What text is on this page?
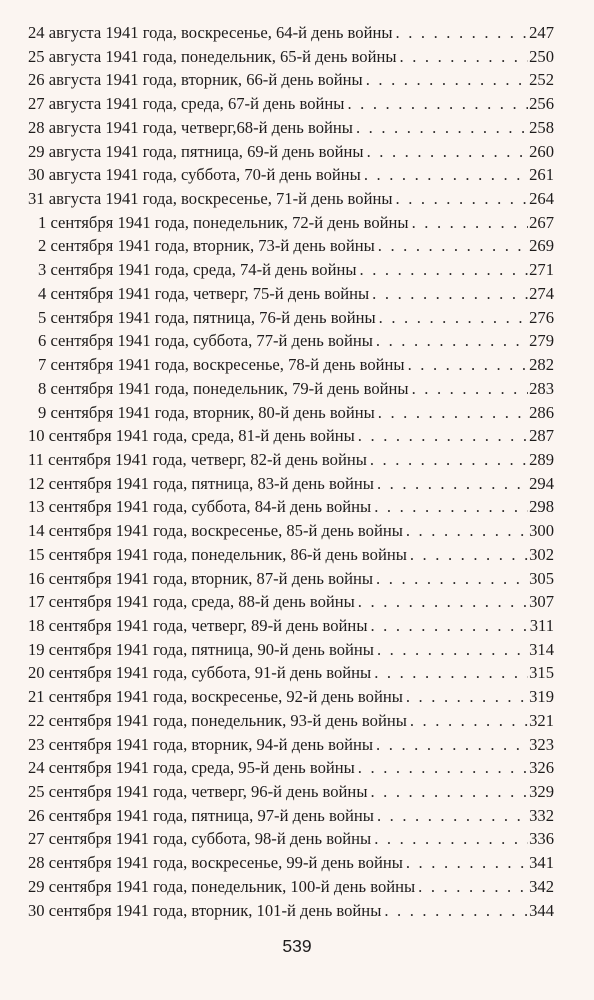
24 августа 1941 года, воскресенье, 64-й день войны . . .	247
25 августа 1941 года, понедельник, 65-й день войны . . .	250
26 августа 1941 года, вторник, 66-й день войны . . .	252
27 августа 1941 года, среда, 67-й день войны . . .	256
28 августа 1941 года, четверг,68-й день войны . . .	258
29 августа 1941 года, пятница, 69-й день войны . . .	260
30 августа 1941 года, суббота, 70-й день войны . . .	261
31 августа 1941 года, воскресенье, 71-й день войны . . .	264
1 сентября 1941 года, понедельник, 72-й день войны . . .	267
2 сентября 1941 года, вторник, 73-й день войны . . .	269
3 сентября 1941 года, среда, 74-й день войны . . .	271
4 сентября 1941 года, четверг, 75-й день войны . . .	274
5 сентября 1941 года, пятница, 76-й день войны . . .	276
6 сентября 1941 года, суббота, 77-й день войны . . .	279
7 сентября 1941 года, воскресенье, 78-й день войны . . .	282
8 сентября 1941 года, понедельник, 79-й день войны . . .	283
9 сентября 1941 года, вторник, 80-й день войны . . .	286
10 сентября 1941 года, среда, 81-й день войны . . .	287
11 сентября 1941 года, четверг, 82-й день войны . . .	289
12 сентября 1941 года, пятница, 83-й день войны . . .	294
13 сентября 1941 года, суббота, 84-й день войны . . .	298
14 сентября 1941 года, воскресенье, 85-й день войны . . .	300
15 сентября 1941 года, понедельник, 86-й день войны . . .	302
16 сентября 1941 года, вторник, 87-й день войны . . .	305
17 сентября 1941 года, среда, 88-й день войны . . .	307
18 сентября 1941 года, четверг, 89-й день войны . . .	311
19 сентября 1941 года, пятница, 90-й день войны . . .	314
20 сентября 1941 года, суббота, 91-й день войны . . .	315
21 сентября 1941 года, воскресенье, 92-й день войны . . .	319
22 сентября 1941 года, понедельник, 93-й день войны . . .	321
23 сентября 1941 года, вторник, 94-й день войны . . .	323
24 сентября 1941 года, среда, 95-й день войны . . .	326
25 сентября 1941 года, четверг, 96-й день войны . . .	329
26 сентября 1941 года, пятница, 97-й день войны . . .	332
27 сентября 1941 года, суббота, 98-й день войны . . .	336
28 сентября 1941 года, воскресенье, 99-й день войны . . .	341
29 сентября 1941 года, понедельник, 100-й день войны . . .	342
30 сентября 1941 года, вторник, 101-й день войны . . .	344
539
